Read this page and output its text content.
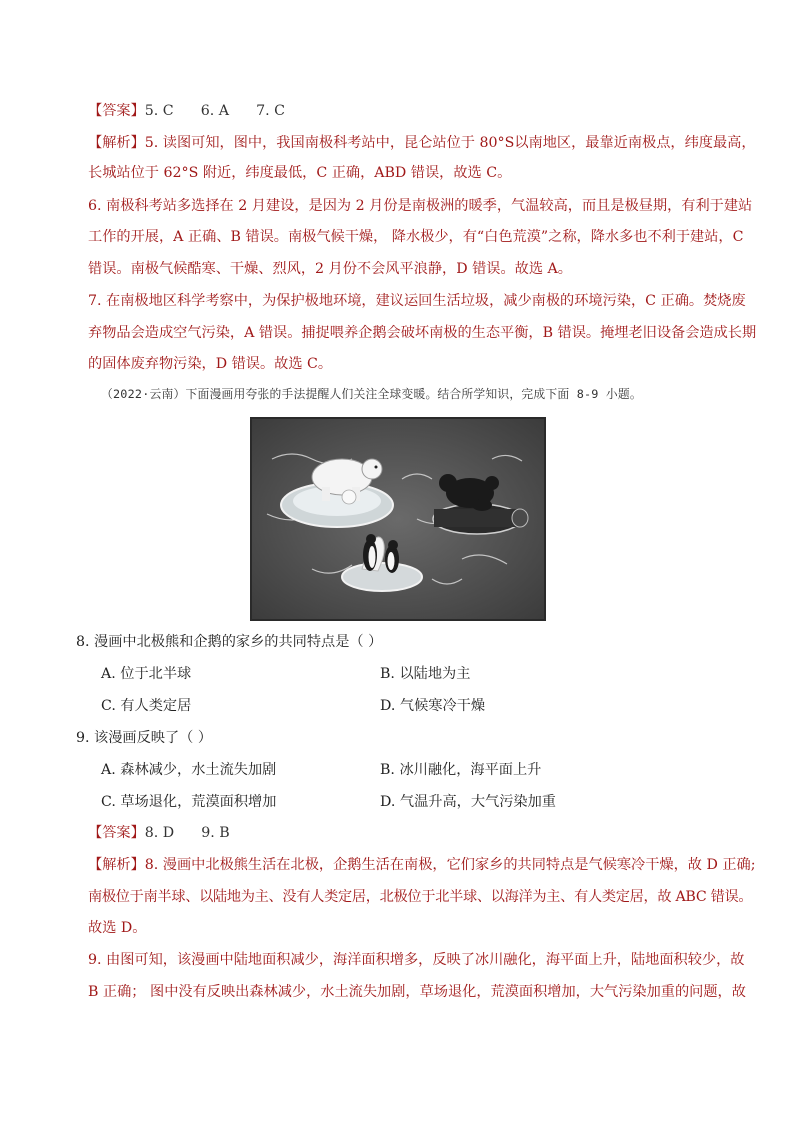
【答案】5. C      6. A      7. C
【解析】5. 读图可知，图中，我国南极科考站中，昆仑站位于 80°S以南地区，最靠近南极点，纬度最高，
长城站位于 62°S 附近，纬度最低，C 正确，ABD 错误，故选 C。
6. 南极科考站多选择在 2 月建设，是因为 2 月份是南极洲的暖季，气温较高，而且是极昼期，有利于建站
工作的开展，A 正确、B 错误。南极气候干燥， 降水极少，有“白色荒漠”之称，降水多也不利于建站，C
错误。南极气候酷寒、干燥、烈风，2 月份不会风平浪静，D 错误。故选 A。
7. 在南极地区科学考察中，为保护极地环境，建议运回生活垃圾，减少南极的环境污染，C 正确。焚烧废
弃物品会造成空气污染，A 错误。捕捉喂养企鹅会破坏南极的生态平衡，B 错误。掩埋老旧设备会造成长期
的固体废弃物污染，D 错误。故选 C。
（2022·云南）下面漫画用夸张的手法提醒人们关注全球变暖。结合所学知识，完成下面 8-9 小题。
8. 漫画中北极熊和企鹅的家乡的共同特点是（ ）
A. 位于北半球	B. 以陆地为主
C. 有人类定居	D. 气候寒冷干燥
9. 该漫画反映了（ ）
A. 森林减少，水土流失加剧	B. 冰川融化，海平面上升
C. 草场退化，荒漠面积增加	D. 气温升高，大气污染加重
【答案】8. D      9. B
【解析】8. 漫画中北极熊生活在北极，企鹅生活在南极，它们家乡的共同特点是气候寒冷干燥，故 D 正确;
南极位于南半球、以陆地为主、没有人类定居，北极位于北半球、以海洋为主、有人类定居，故 ABC 错误。
故选 D。
9. 由图可知，该漫画中陆地面积减少，海洋面积增多，反映了冰川融化，海平面上升，陆地面积较少，故
B 正确； 图中没有反映出森林减少，水土流失加剧，草场退化，荒漠面积增加，大气污染加重的问题，故
